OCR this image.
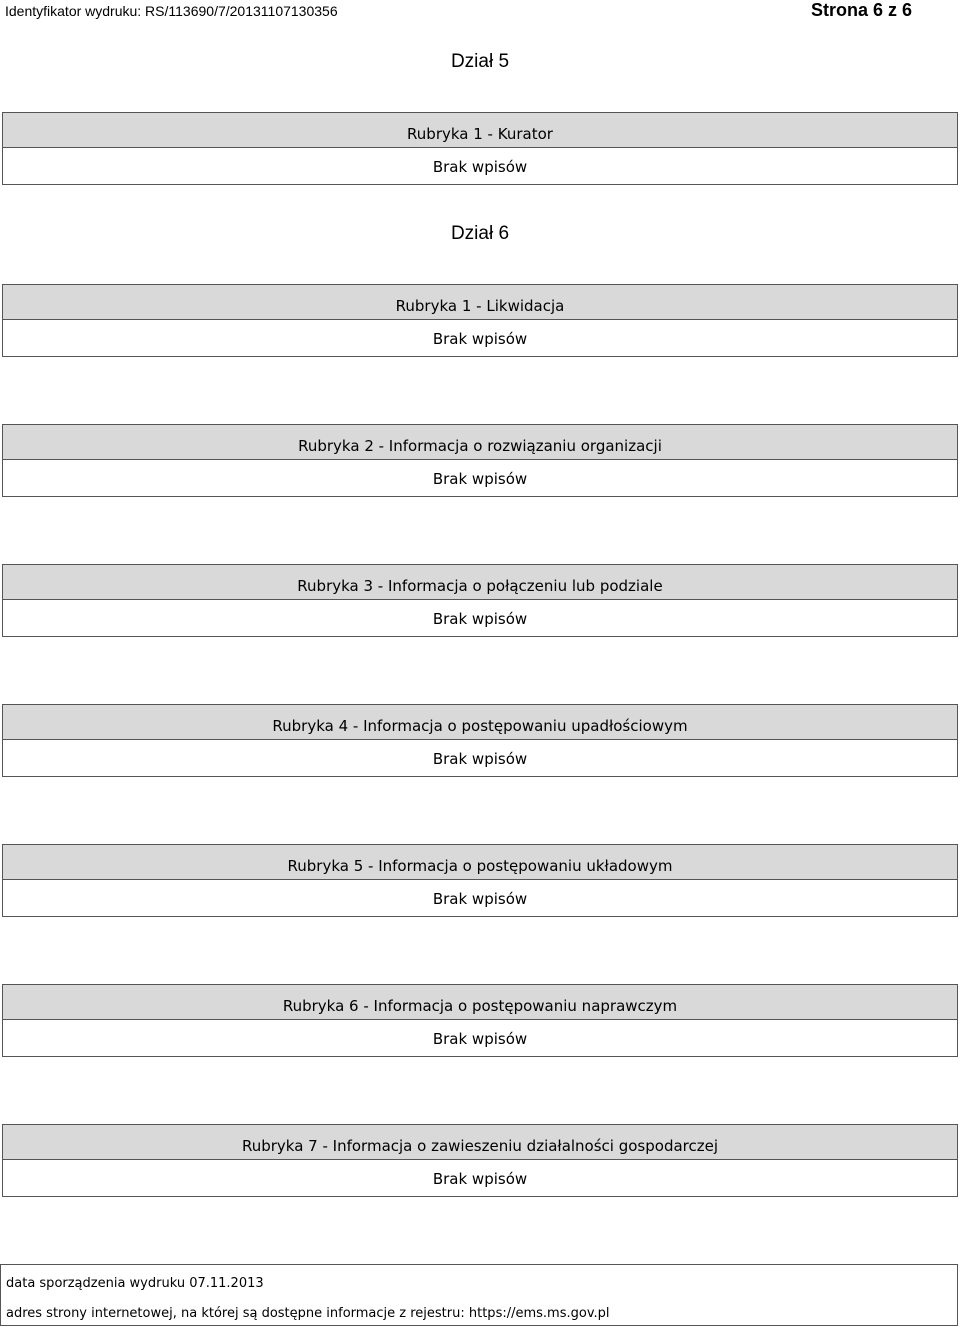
Identyfikator wydruku: RS/113690/7/20131107130356	Strona 6 z 6
Dział 5
Rubryka 1 - Kurator
Brak wpisów
Dział 6
Rubryka 1 - Likwidacja
Brak wpisów
Rubryka 2 - Informacja o rozwiązaniu organizacji
Brak wpisów
Rubryka 3 - Informacja o połączeniu lub podziale
Brak wpisów
Rubryka 4 - Informacja o postępowaniu upadłościowym
Brak wpisów
Rubryka 5 - Informacja o postępowaniu układowym
Brak wpisów
Rubryka 6 - Informacja o postępowaniu naprawczym
Brak wpisów
Rubryka 7 - Informacja o zawieszeniu działalności gospodarczej
Brak wpisów
data sporządzenia wydruku 07.11.2013
adres strony internetowej, na której są dostępne informacje z rejestru: https://ems.ms.gov.pl
